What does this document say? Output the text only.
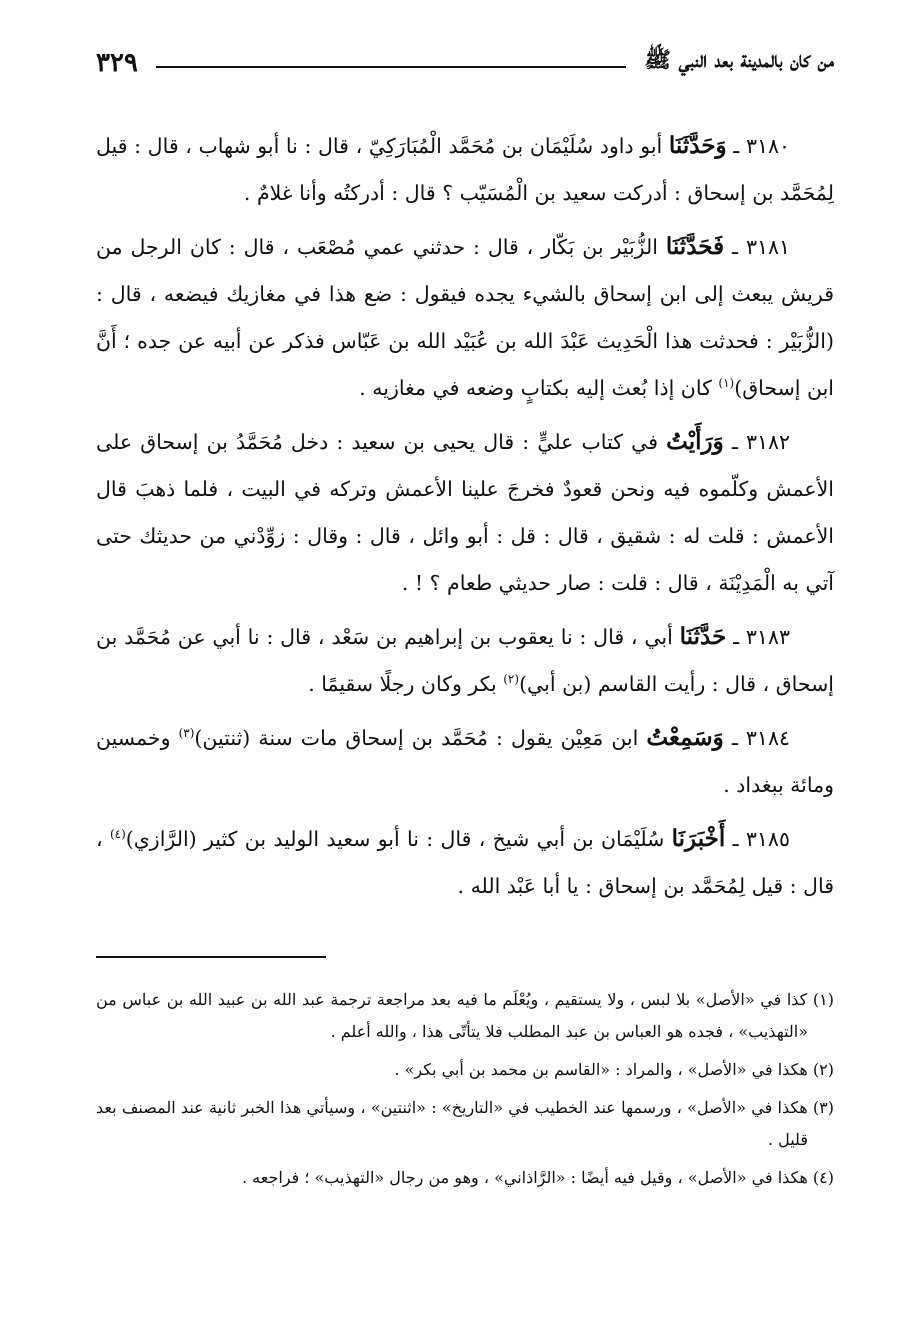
من كان بالمدينة بعد النبي ﷺ
٣٢٩

٣١٨٠ ـ وَحَدَّثَنَا أبو داود سُلَيْمَان بن مُحَمَّد الْمُبَارَكِيّ ، قال : نا أبو شهاب ، قال : قيل لِمُحَمَّد بن إسحاق : أدركت سعيد بن الْمُسَيّب ؟ قال : أدركتُه وأنا غلامٌ .

٣١٨١ ـ فَحَدَّثَنَا الزُّبَيْر بن بَكّار ، قال : حدثني عمي مُصْعَب ، قال : كان الرجل من قريش يبعث إلى ابن إسحاق بالشيء يجده فيقول : ضع هذا في مغازيك فيضعه ، قال : (الزُّبَيْر : فحدثت هذا الْحَدِيث عَبْدَ الله بن عُبَيْد الله بن عَبّاس فذكر عن أبيه عن جده ؛ أَنَّ ابن إسحاق)$^{(١)}$ كان إذا بُعث إليه بكتابٍ وضعه في مغازيه .

٣١٨٢ ـ وَرَأَيْتُ في كتاب عليٍّ : قال يحيى بن سعيد : دخل مُحَمَّدُ بن إسحاق على الأعمش وكلّموه فيه ونحن قعودٌ فخرجَ علينا الأعمش وتركه في البيت ، فلما ذهبَ قال الأعمش : قلت له : شقيق ، قال : قل : أبو وائل ، قال : وقال : زوِّدْني من حديثك حتى آتي به الْمَدِيْنَة ، قال : قلت : صار حديثي طعام ؟ ! .

٣١٨٣ ـ حَدَّثَنَا أبي ، قال : نا يعقوب بن إبراهيم بن سَعْد ، قال : نا أبي عن مُحَمَّد بن إسحاق ، قال : رأيت القاسم (بن أبي)$^{(٢)}$ بكر وكان رجلًا سقيمًا .

٣١٨٤ ـ وَسَمِعْتُ ابن مَعِيْن يقول : مُحَمَّد بن إسحاق مات سنة (ثنتين)$^{(٣)}$ وخمسين ومائة ببغداد .

٣١٨٥ ـ أَخْبَرَنَا سُلَيْمَان بن أبي شيخ ، قال : نا أبو سعيد الوليد بن كثير (الرَّازي)$^{(٤)}$ ، قال : قيل لِمُحَمَّد بن إسحاق : يا أبا عَبْد الله .

(١) كذا في «الأصل» بلا لبس ، ولا يستقيم ، ويُعْلَم ما فيه بعد مراجعة ترجمة عبد الله بن عبيد الله بن عباس من «التهذيب» ، فجده هو العباس بن عبد المطلب فلا يتأتّى هذا ، والله أعلم .

(٢) هكذا في «الأصل» ، والمراد : «القاسم بن محمد بن أبي بكر» .

(٣) هكذا في «الأصل» ، ورسمها عند الخطيب في «التاريخ» : «اثنتين» ، وسيأتي هذا الخبر ثانية عند المصنف بعد قليل .

(٤) هكذا في «الأصل» ، وقيل فيه أيضًا : «الرَّاذاني» ، وهو من رجال «التهذيب» ؛ فراجعه .
